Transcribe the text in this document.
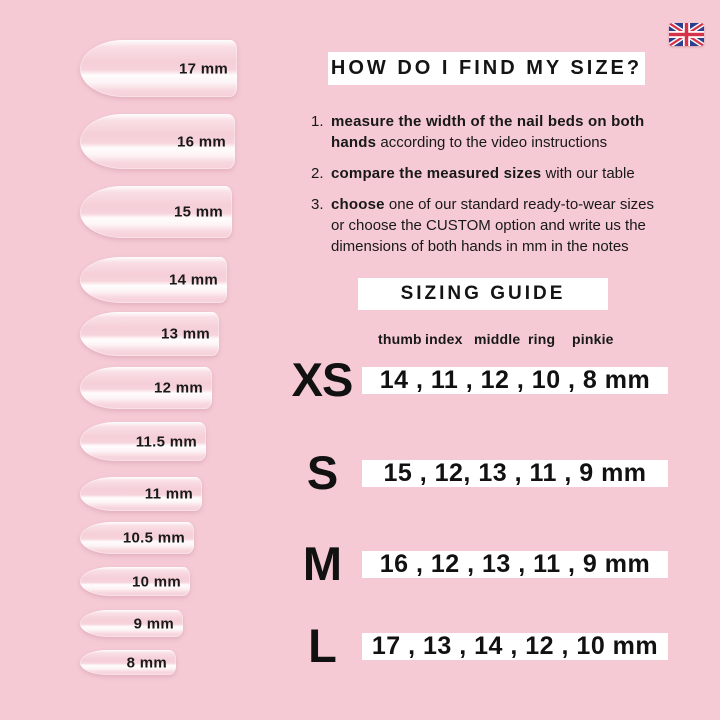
17 mm
16 mm
15 mm
14 mm
13 mm
12 mm
11.5 mm
11 mm
10.5 mm
10 mm
9 mm
8 mm
HOW DO I FIND MY SIZE?
1. measure the width of the nail beds on both hands according to the video instructions
2. compare the measured sizes with our table
3. choose one of our standard ready-to-wear sizes or choose the CUSTOM option and write us the dimensions of both hands in mm in the notes
SIZING GUIDE
thumb index middle ring pinkie
XS	14 , 11 , 12 , 10 , 8 mm
S	15 , 12, 13 , 11 , 9 mm
M	16 , 12 , 13 , 11 , 9 mm
L	17 , 13 , 14 , 12 , 10 mm
